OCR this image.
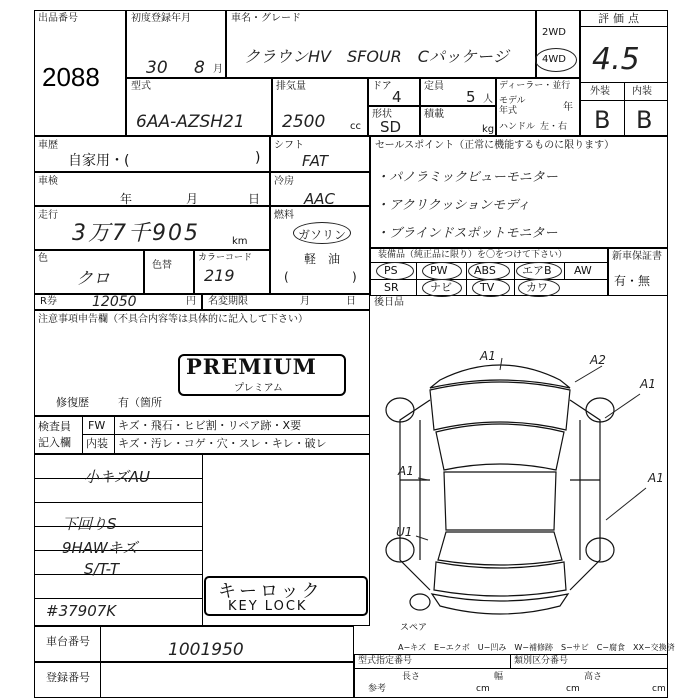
出品番号
2088
初度登録年月
30 8 月
車名・グレード
クラウンHV　SFOUR　Cパッケージ
2WD
4WD
評価点
4.5
外装 内装
B B
型式
6AA-AZSH21
排気量
2500 cc
ドア
4
定員
5 人
ディーラー・並行
モデル年式	年
ハンドル 左・右
形状
SD
積載
kg
車歴
自家用・(	)
シフト
FAT
車検
年	月	日
冷房
AAC
走行
3万7千905	km
燃料
ガソリン
軽　油
(	)
色
クロ
色替
カラーコード
219
セールスポイント（正常に機能するものに限ります）
・パノラミックビューモニター
・アクリクッションモディ
・ブラインドスポットモニター
装備品（純正品に限り）を〇をつけて下さい）
PS	PW ABS エアB AW
SR	ナビ	TV	カワ
新車保証書
有・無
後日品
R券	12050	円 名変期限	月	日
注意事項申告欄（不具合内容等は具体的に記入して下さい）
PREMIUM
プレミアム
修復歴	有（箇所
検査員
記入欄
FW キズ・飛石・ヒビ割・リペア跡・X要
内装 キズ・汚レ・コゲ・穴・スレ・キレ・破レ
小キズAU
下回りS
9HAWキズ
S/T-T
#37907K
キーロック
KEY LOCK
車台番号	1001950
登録番号
A−キズ　E−エクボ　U−凹み　W−補修跡　S−サビ　C−腐食　XX−交換済
型式指定番号	類別区分番号
参考
長さ
cm
幅
cm
高さ
cm
A1	A2
A1
A1	A1
U1
スペア
